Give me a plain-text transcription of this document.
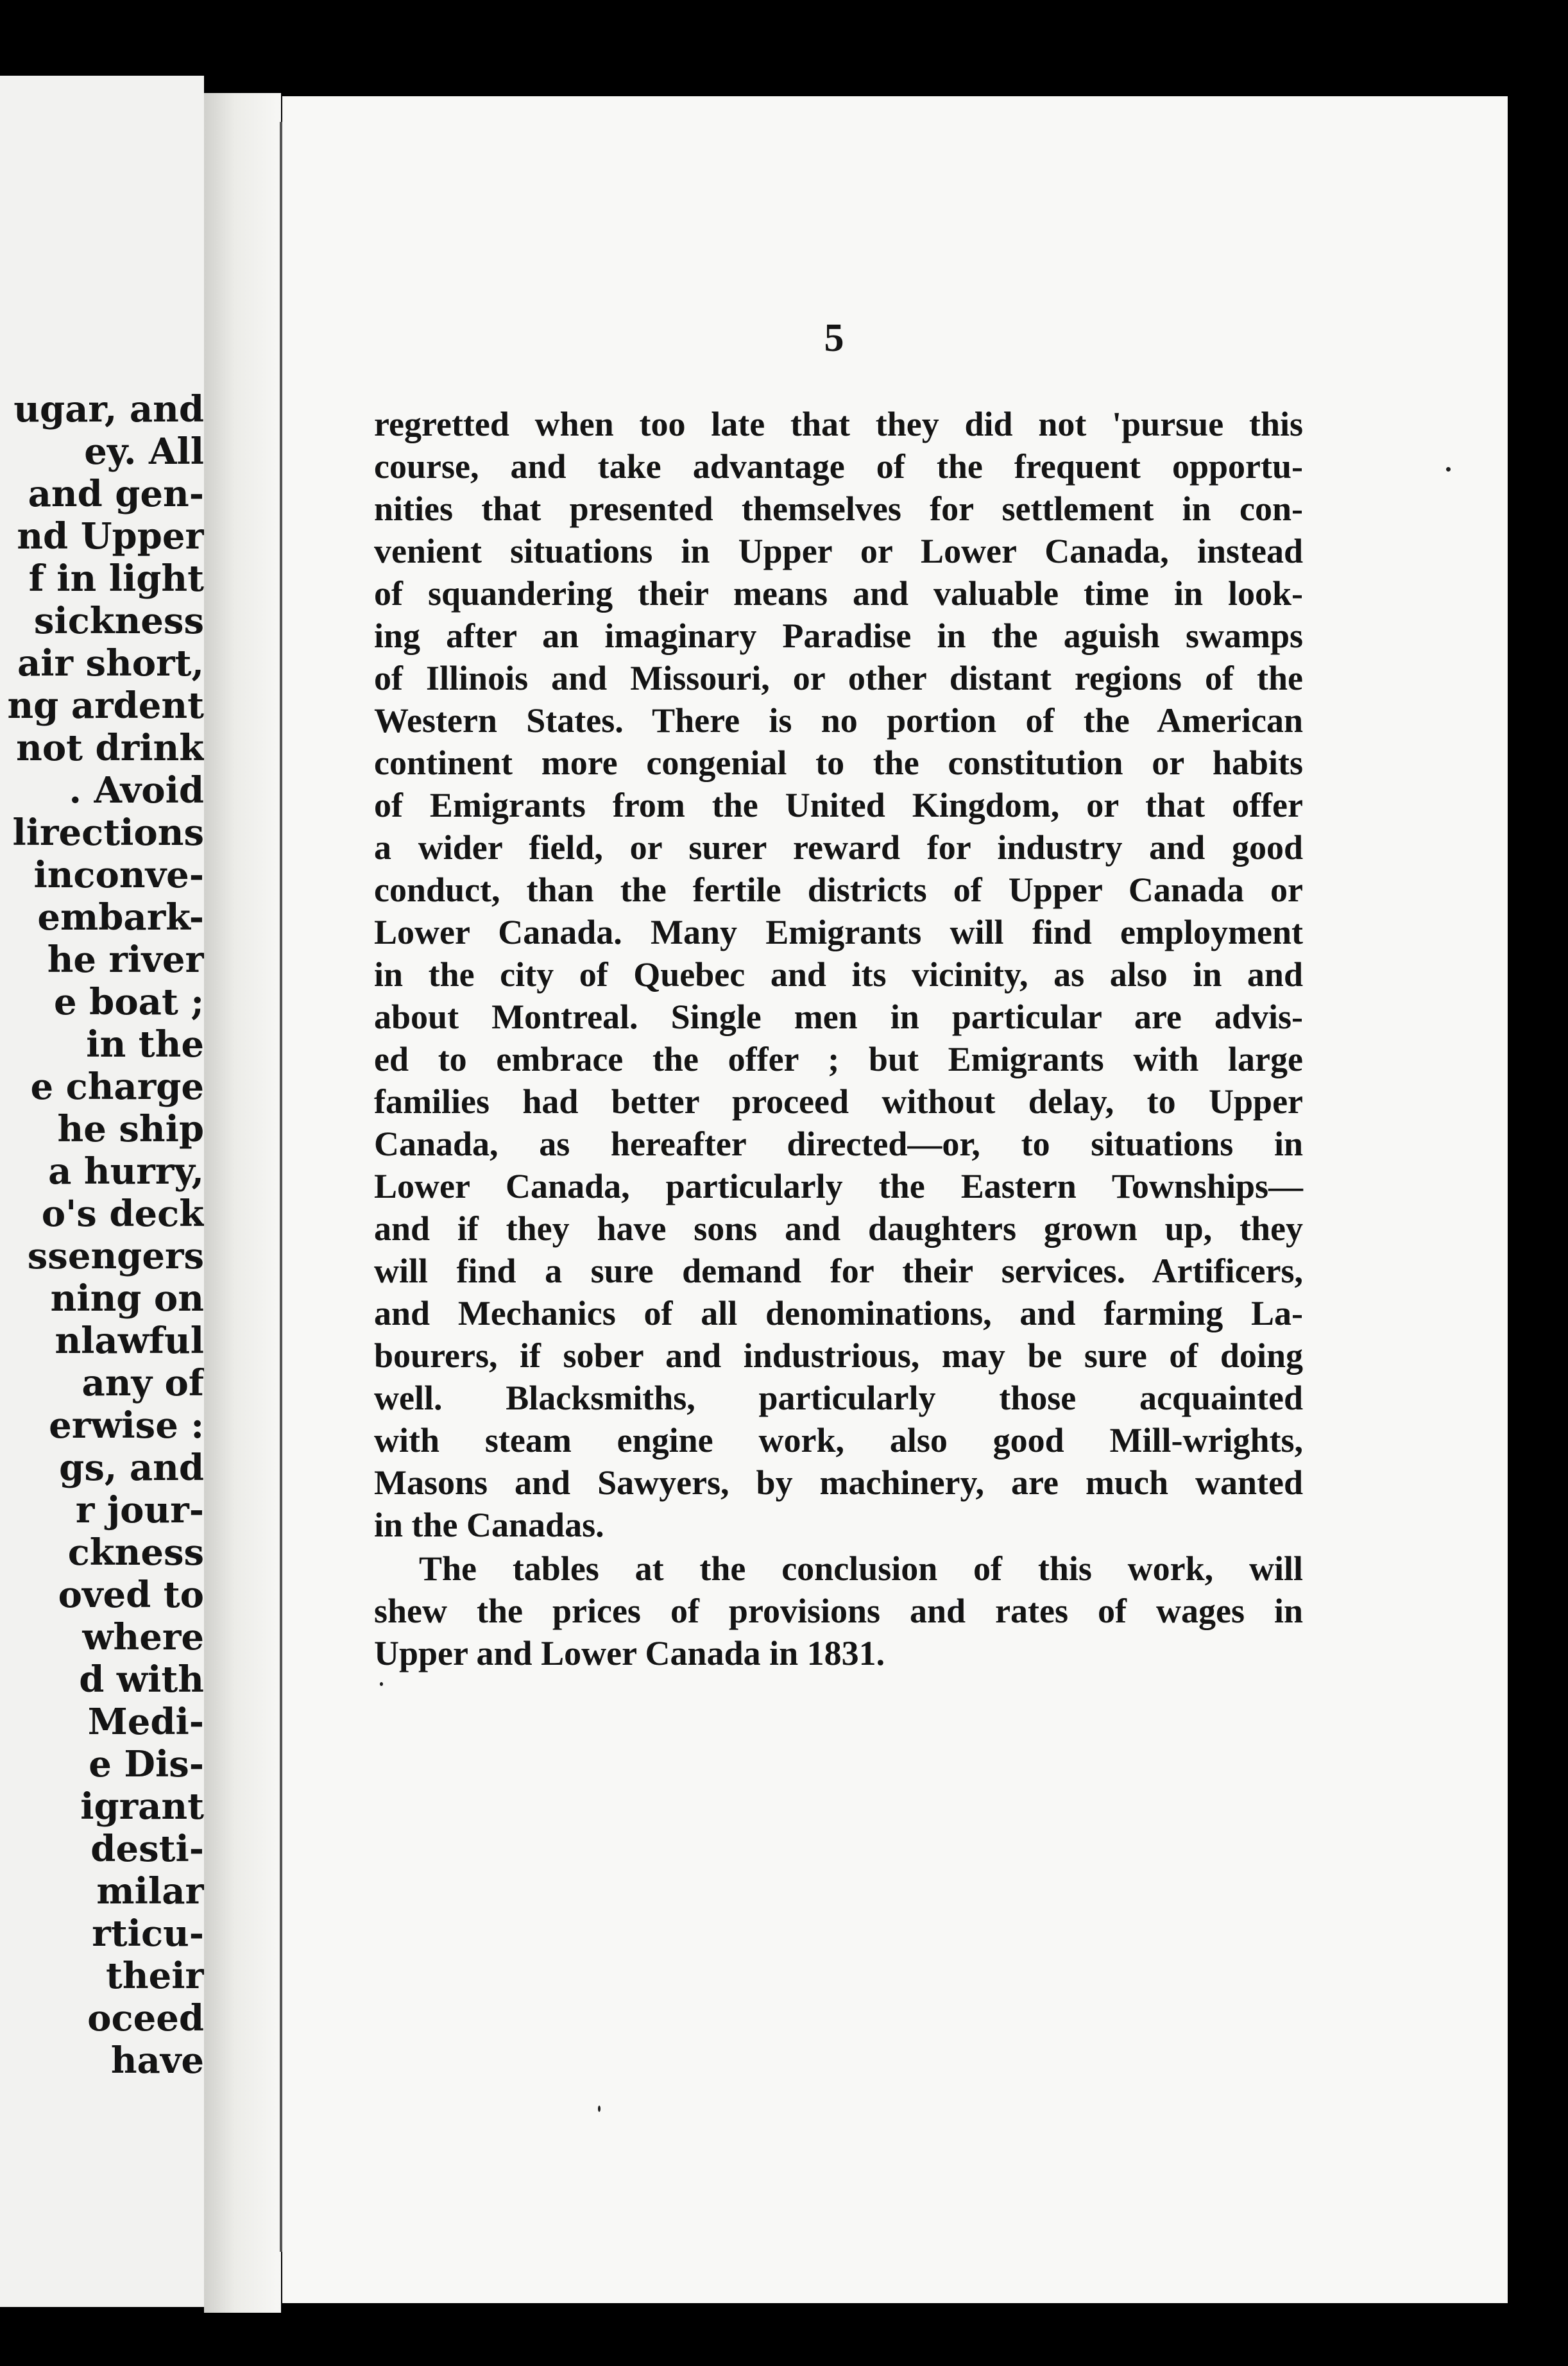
ugar, and
ey. All
and gen-
nd Upper
f in light
sickness
air short,
ng ardent
not drink
. Avoid
lirections
inconve-
embark-
he river
e boat ;
in the
e charge
he ship
a hurry,
o's deck
ssengers
ning on
nlawful
any of
erwise :
gs, and
r jour-
ckness
oved to
where
d with
Medi-
e Dis-
igrant
desti-
milar
rticu-
their
oceed
have
5
regretted when too late that they did not 'pursue this
course, and take advantage of the frequent opportu-
nities that presented themselves for settlement in con-
venient situations in Upper or Lower Canada, instead
of squandering their means and valuable time in look-
ing after an imaginary Paradise in the aguish swamps
of Illinois and Missouri, or other distant regions of the
Western States. There is no portion of the American
continent more congenial to the constitution or habits
of Emigrants from the United Kingdom, or that offer
a wider field, or surer reward for industry and good
conduct, than the fertile districts of Upper Canada or
Lower Canada. Many Emigrants will find employment
in the city of Quebec and its vicinity, as also in and
about Montreal. Single men in particular are advis-
ed to embrace the offer ; but Emigrants with large
families had better proceed without delay, to Upper
Canada, as hereafter directed—or, to situations in
Lower Canada, particularly the Eastern Townships—
and if they have sons and daughters grown up, they
will find a sure demand for their services. Artificers,
and Mechanics of all denominations, and farming La-
bourers, if sober and industrious, may be sure of doing
well. Blacksmiths, particularly those acquainted
with steam engine work, also good Mill-wrights,
Masons and Sawyers, by machinery, are much wanted
in the Canadas.
The tables at the conclusion of this work, will
shew the prices of provisions and rates of wages in
Upper and Lower Canada in 1831.
